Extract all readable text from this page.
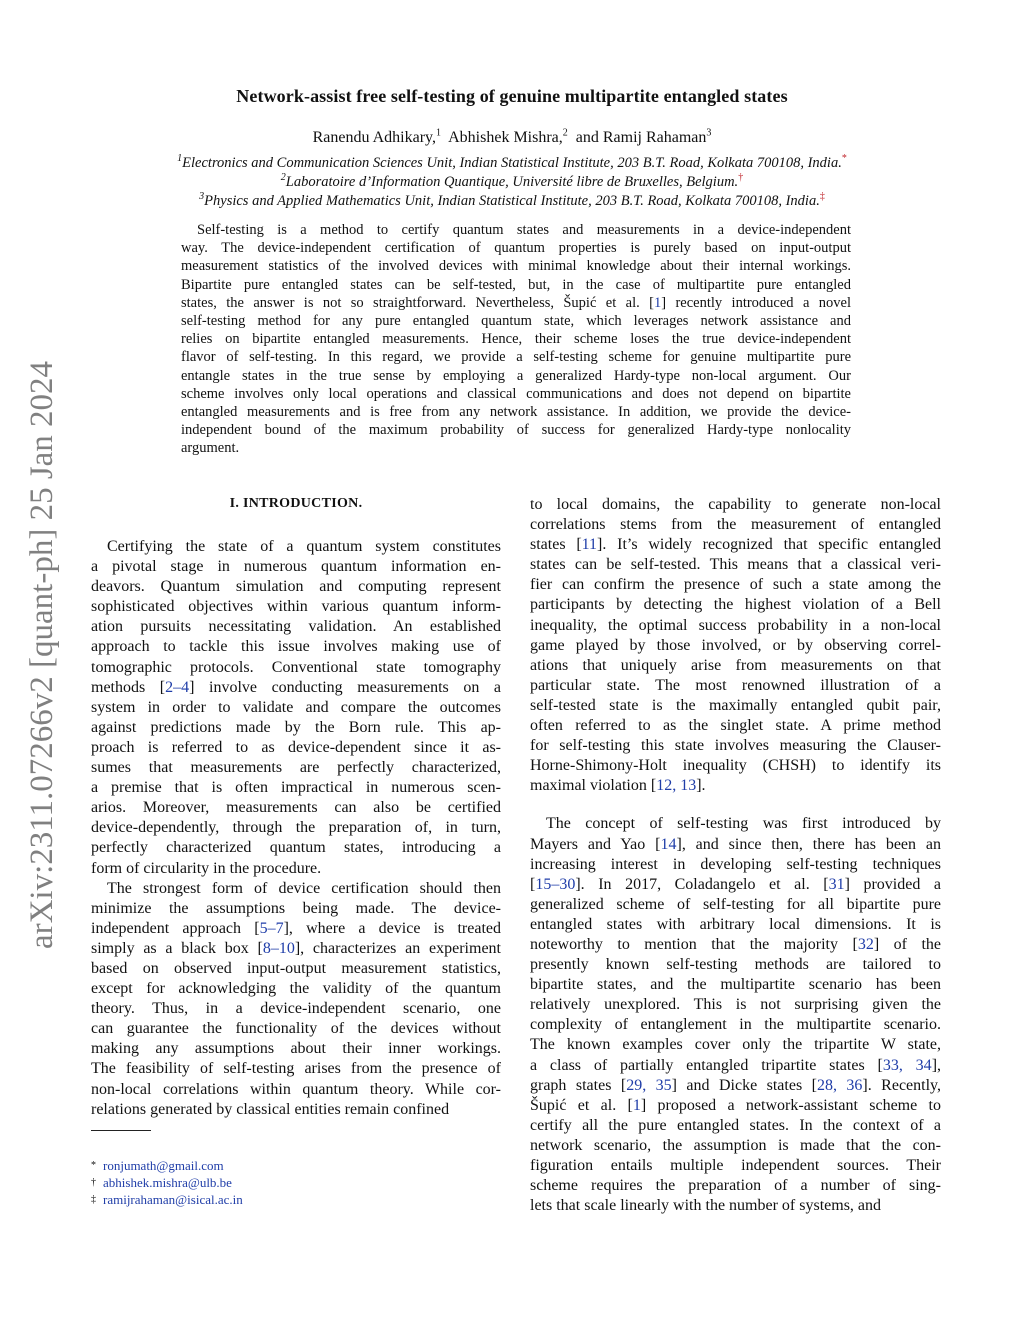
arXiv:2311.07266v2 [quant-ph] 25 Jan 2024
Network-assist free self-testing of genuine multipartite entangled states
Ranendu Adhikary,$^1$ Abhishek Mishra,$^2$ and Ramij Rahaman$^3$
$^1$Electronics and Communication Sciences Unit, Indian Statistical Institute, 203 B.T. Road, Kolkata 700108, India.*
$^2$Laboratoire d’Information Quantique, Université libre de Bruxelles, Belgium.†
$^3$Physics and Applied Mathematics Unit, Indian Statistical Institute, 203 B.T. Road, Kolkata 700108, India.‡
Self-testing is a method to certify quantum states and measurements in a device-independent
way. The device-independent certification of quantum properties is purely based on input-output
measurement statistics of the involved devices with minimal knowledge about their internal workings.
Bipartite pure entangled states can be self-tested, but, in the case of multipartite pure entangled
states, the answer is not so straightforward. Nevertheless, Šupić et al. [1] recently introduced a novel
self-testing method for any pure entangled quantum state, which leverages network assistance and
relies on bipartite entangled measurements. Hence, their scheme loses the true device-independent
flavor of self-testing. In this regard, we provide a self-testing scheme for genuine multipartite pure
entangle states in the true sense by employing a generalized Hardy-type non-local argument. Our
scheme involves only local operations and classical communications and does not depend on bipartite
entangled measurements and is free from any network assistance. In addition, we provide the device-
independent bound of the maximum probability of success for generalized Hardy-type nonlocality
argument.
I. INTRODUCTION.
Certifying the state of a quantum system constitutes
a pivotal stage in numerous quantum information en-
deavors. Quantum simulation and computing represent
sophisticated objectives within various quantum inform-
ation pursuits necessitating validation. An established
approach to tackle this issue involves making use of
tomographic protocols. Conventional state tomography
methods [2–4] involve conducting measurements on a
system in order to validate and compare the outcomes
against predictions made by the Born rule. This ap-
proach is referred to as device-dependent since it as-
sumes that measurements are perfectly characterized,
a premise that is often impractical in numerous scen-
arios. Moreover, measurements can also be certified
device-dependently, through the preparation of, in turn,
perfectly characterized quantum states, introducing a
form of circularity in the procedure.
The strongest form of device certification should then
minimize the assumptions being made. The device-
independent approach [5–7], where a device is treated
simply as a black box [8–10], characterizes an experiment
based on observed input-output measurement statistics,
except for acknowledging the validity of the quantum
theory. Thus, in a device-independent scenario, one
can guarantee the functionality of the devices without
making any assumptions about their inner workings.
The feasibility of self-testing arises from the presence of
non-local correlations within quantum theory. While cor-
relations generated by classical entities remain confined
to local domains, the capability to generate non-local
correlations stems from the measurement of entangled
states [11]. It’s widely recognized that specific entangled
states can be self-tested. This means that a classical veri-
fier can confirm the presence of such a state among the
participants by detecting the highest violation of a Bell
inequality, the optimal success probability in a non-local
game played by those involved, or by observing correl-
ations that uniquely arise from measurements on that
particular state. The most renowned illustration of a
self-tested state is the maximally entangled qubit pair,
often referred to as the singlet state. A prime method
for self-testing this state involves measuring the Clauser-
Horne-Shimony-Holt inequality (CHSH) to identify its
maximal violation [12, 13].
The concept of self-testing was first introduced by
Mayers and Yao [14], and since then, there has been an
increasing interest in developing self-testing techniques
[15–30]. In 2017, Coladangelo et al. [31] provided a
generalized scheme of self-testing for all bipartite pure
entangled states with arbitrary local dimensions. It is
noteworthy to mention that the majority [32] of the
presently known self-testing methods are tailored to
bipartite states, and the multipartite scenario has been
relatively unexplored. This is not surprising given the
complexity of entanglement in the multipartite scenario.
The known examples cover only the tripartite W state,
a class of partially entangled tripartite states [33, 34],
graph states [29, 35] and Dicke states [28, 36]. Recently,
Šupić et al. [1] proposed a network-assistant scheme to
certify all the pure entangled states. In the context of a
network scenario, the assumption is made that the con-
figuration entails multiple independent sources. Their
scheme requires the preparation of a number of sing-
lets that scale linearly with the number of systems, and
* ronjumath@gmail.com
† abhishek.mishra@ulb.be
‡ ramijrahaman@isical.ac.in
